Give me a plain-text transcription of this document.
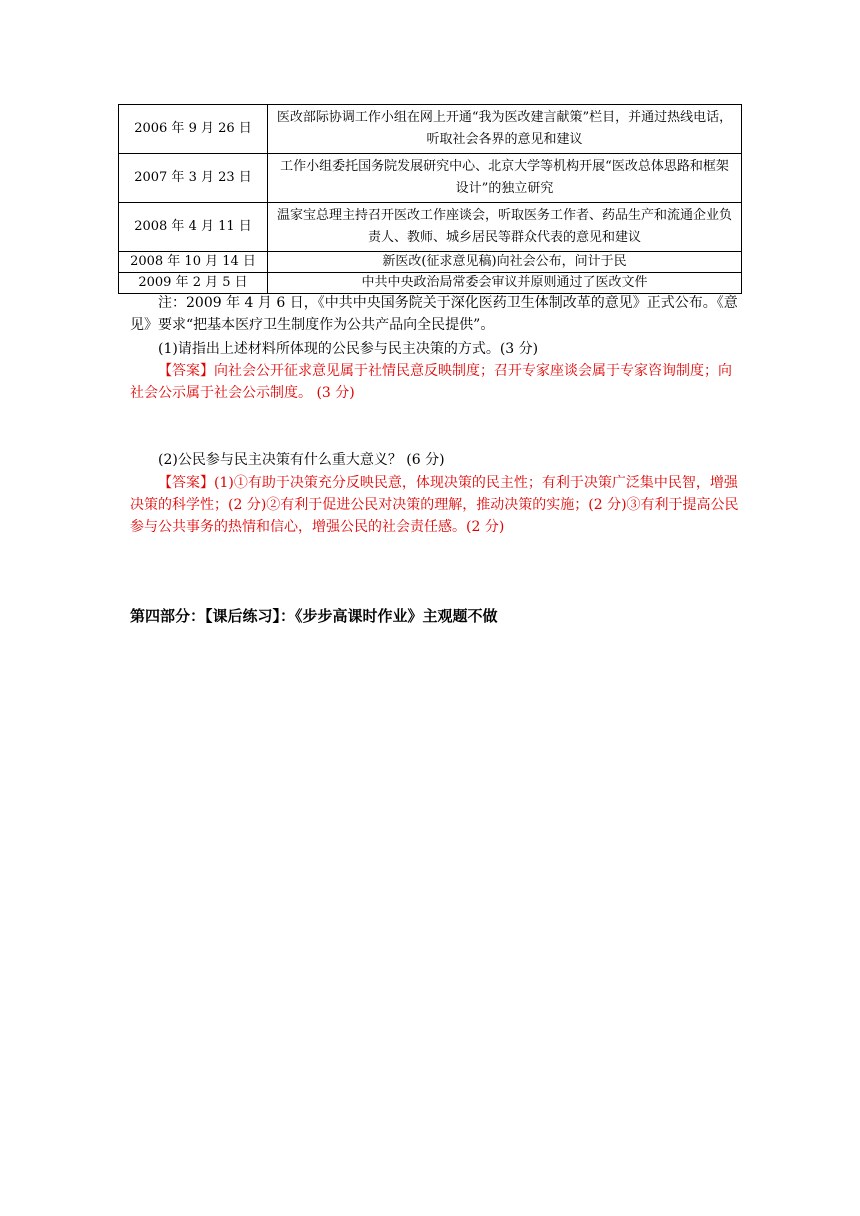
2006 年 9 月 26 日	医改部际协调工作小组在网上开通“我为医改建言献策”栏目，并通过热线电话，听取社会各界的意见和建议
2007 年 3 月 23 日	工作小组委托国务院发展研究中心、北京大学等机构开展“医改总体思路和框架设计”的独立研究
2008 年 4 月 11 日	温家宝总理主持召开医改工作座谈会，听取医务工作者、药品生产和流通企业负责人、教师、城乡居民等群众代表的意见和建议
2008 年 10 月 14 日	新医改(征求意见稿)向社会公布，问计于民
2009 年 2 月 5 日	中共中央政治局常委会审议并原则通过了医改文件

注：2009 年 4 月 6 日，《中共中央国务院关于深化医药卫生体制改革的意见》正式公布。《意见》要求“把基本医疗卫生制度作为公共产品向全民提供”。

(1)请指出上述材料所体现的公民参与民主决策的方式。(3 分)

【答案】向社会公开征求意见属于社情民意反映制度；召开专家座谈会属于专家咨询制度；向社会公示属于社会公示制度。 (3 分)

(2)公民参与民主决策有什么重大意义？ (6 分)

【答案】(1)①有助于决策充分反映民意，体现决策的民主性；有利于决策广泛集中民智，增强决策的科学性；(2 分)②有利于促进公民对决策的理解，推动决策的实施；(2 分)③有利于提高公民参与公共事务的热情和信心，增强公民的社会责任感。(2 分)

第四部分：【课后练习】：《步步高课时作业》主观题不做
